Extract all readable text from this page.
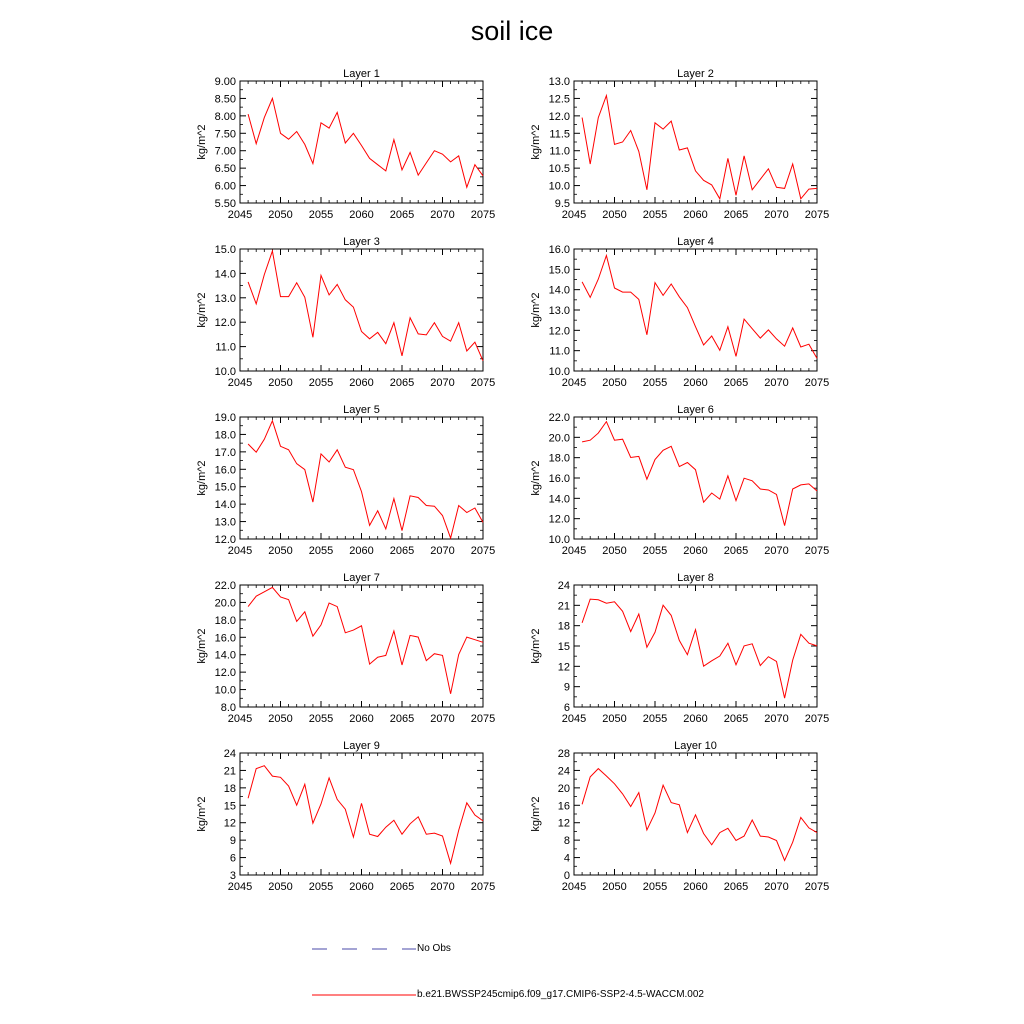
soil ice
Layer 1
kg/m^2
2045 2050 2055 2060 2065 2070 2075
5.50
6.00
6.50
7.00
7.50
8.00
8.50
9.00
Layer 2
kg/m^2
2045 2050 2055 2060 2065 2070 2075
9.5
10.0
10.5
11.0
11.5
12.0
12.5
13.0
Layer 3
kg/m^2
2045 2050 2055 2060 2065 2070 2075
10.0
11.0
12.0
13.0
14.0
15.0
Layer 4
kg/m^2
2045 2050 2055 2060 2065 2070 2075
10.0
11.0
12.0
13.0
14.0
15.0
16.0
Layer 5
kg/m^2
2045 2050 2055 2060 2065 2070 2075
12.0
13.0
14.0
15.0
16.0
17.0
18.0
19.0
Layer 6
kg/m^2
2045 2050 2055 2060 2065 2070 2075
10.0
12.0
14.0
16.0
18.0
20.0
22.0
Layer 7
kg/m^2
2045 2050 2055 2060 2065 2070 2075
8.0
10.0
12.0
14.0
16.0
18.0
20.0
22.0
Layer 8
kg/m^2
2045 2050 2055 2060 2065 2070 2075
6
9
12
15
18
21
24
Layer 9
kg/m^2
2045 2050 2055 2060 2065 2070 2075
3
6
9
12
15
18
21
24
Layer 10
kg/m^2
2045 2050 2055 2060 2065 2070 2075
0
4
8
12
16
20
24
28
No Obs
b.e21.BWSSP245cmip6.f09_g17.CMIP6-SSP2-4.5-WACCM.002
